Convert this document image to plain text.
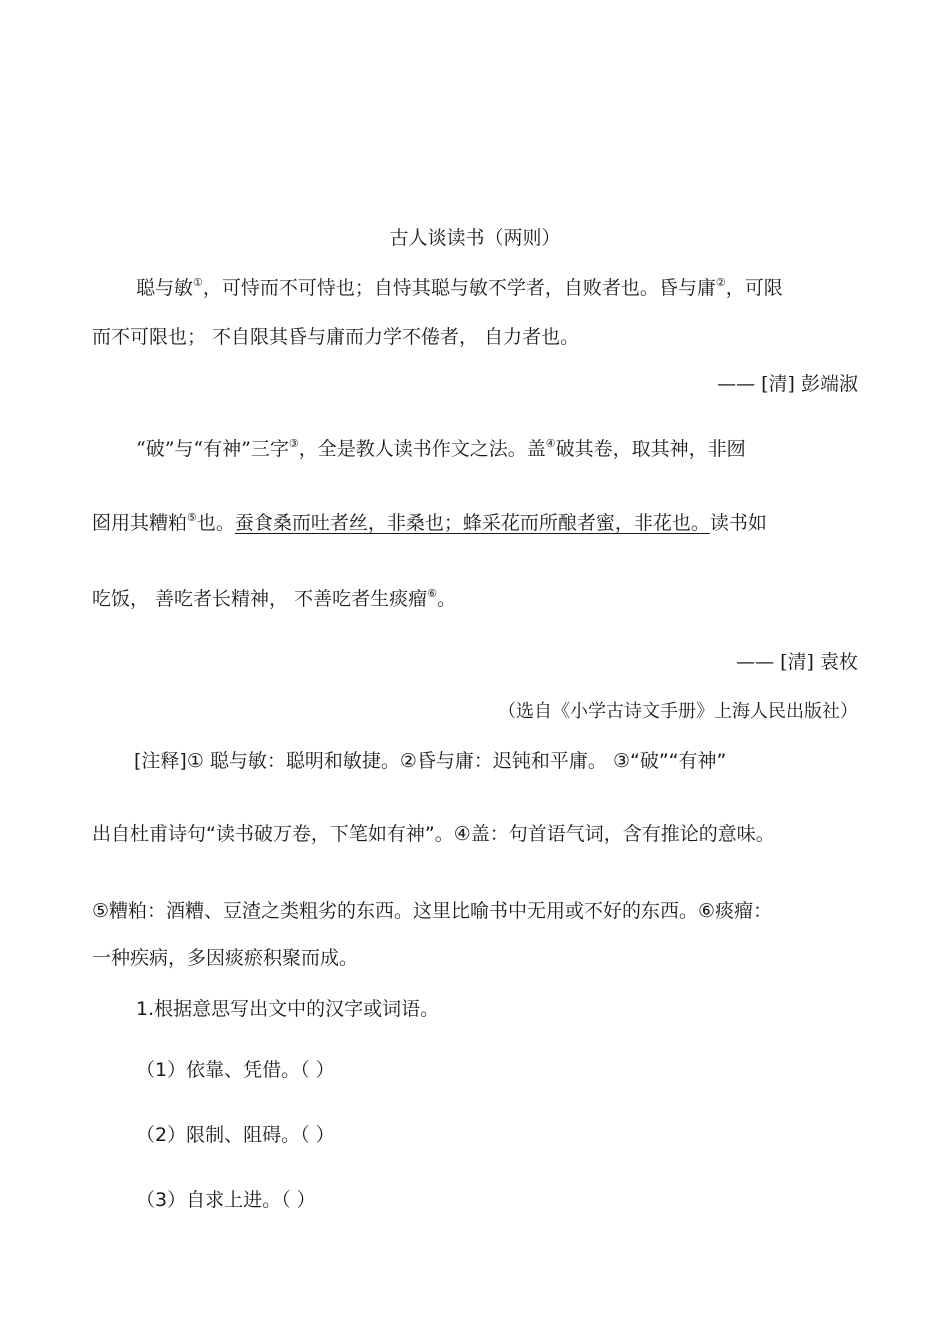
古人谈读书（两则）
聪与敏①，可恃而不可恃也；自恃其聪与敏不学者，自败者也。昏与庸②，可限
而不可限也； 不自限其昏与庸而力学不倦者， 自力者也。
—— [清] 彭端淑
“破”与“有神”三字③，全是教人读书作文之法。盖④破其卷，取其神，非囫
囵用其糟粕⑤也。蚕食桑而吐者丝，非桑也；蜂采花而所酿者蜜，非花也。读书如
吃饭， 善吃者长精神， 不善吃者生痰瘤⑥。
—— [清] 袁枚
（选自《小学古诗文手册》上海人民出版社）
[注释]① 聪与敏：聪明和敏捷。②昏与庸：迟钝和平庸。 ③“破”“有神”
出自杜甫诗句“读书破万卷，下笔如有神”。④盖：句首语气词，含有推论的意味。
⑤糟粕：酒糟、豆渣之类粗劣的东西。这里比喻书中无用或不好的东西。⑥痰瘤：
一种疾病，多因痰瘀积聚而成。
1.根据意思写出文中的汉字或词语。
（1）依靠、凭借。（ ）
（2）限制、阻碍。（ ）
（3）自求上进。（ ）
